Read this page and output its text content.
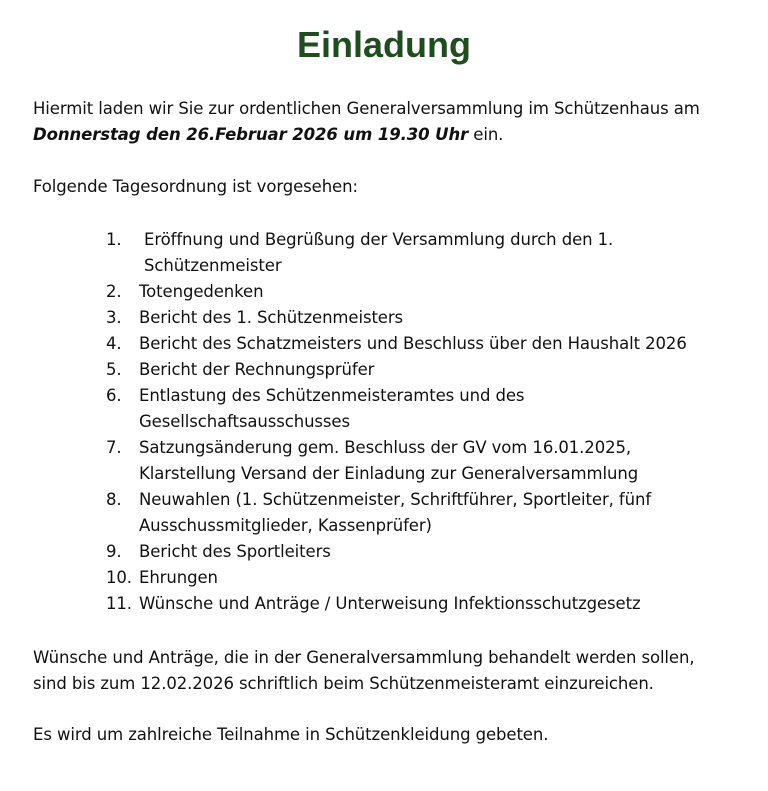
Einladung

Hiermit laden wir Sie zur ordentlichen Generalversammlung im Schützenhaus am
Donnerstag den 26.Februar 2026 um 19.30 Uhr ein.

Folgende Tagesordnung ist vorgesehen:

1.	Eröffnung und Begrüßung der Versammlung durch den 1. Schützenmeister
2.	Totengedenken
3.	Bericht des 1. Schützenmeisters
4.	Bericht des Schatzmeisters und Beschluss über den Haushalt 2026
5.	Bericht der Rechnungsprüfer
6.	Entlastung des Schützenmeisteramtes und des Gesellschaftsausschusses
7.	Satzungsänderung gem. Beschluss der GV vom 16.01.2025, Klarstellung Versand der Einladung zur Generalversammlung
8.	Neuwahlen (1. Schützenmeister, Schriftführer, Sportleiter, fünf Ausschussmitglieder, Kassenprüfer)
9.	Bericht des Sportleiters
10. Ehrungen
11. Wünsche und Anträge / Unterweisung Infektionsschutzgesetz

Wünsche und Anträge, die in der Generalversammlung behandelt werden sollen, sind bis zum 12.02.2026 schriftlich beim Schützenmeisteramt einzureichen.

Es wird um zahlreiche Teilnahme in Schützenkleidung gebeten.
